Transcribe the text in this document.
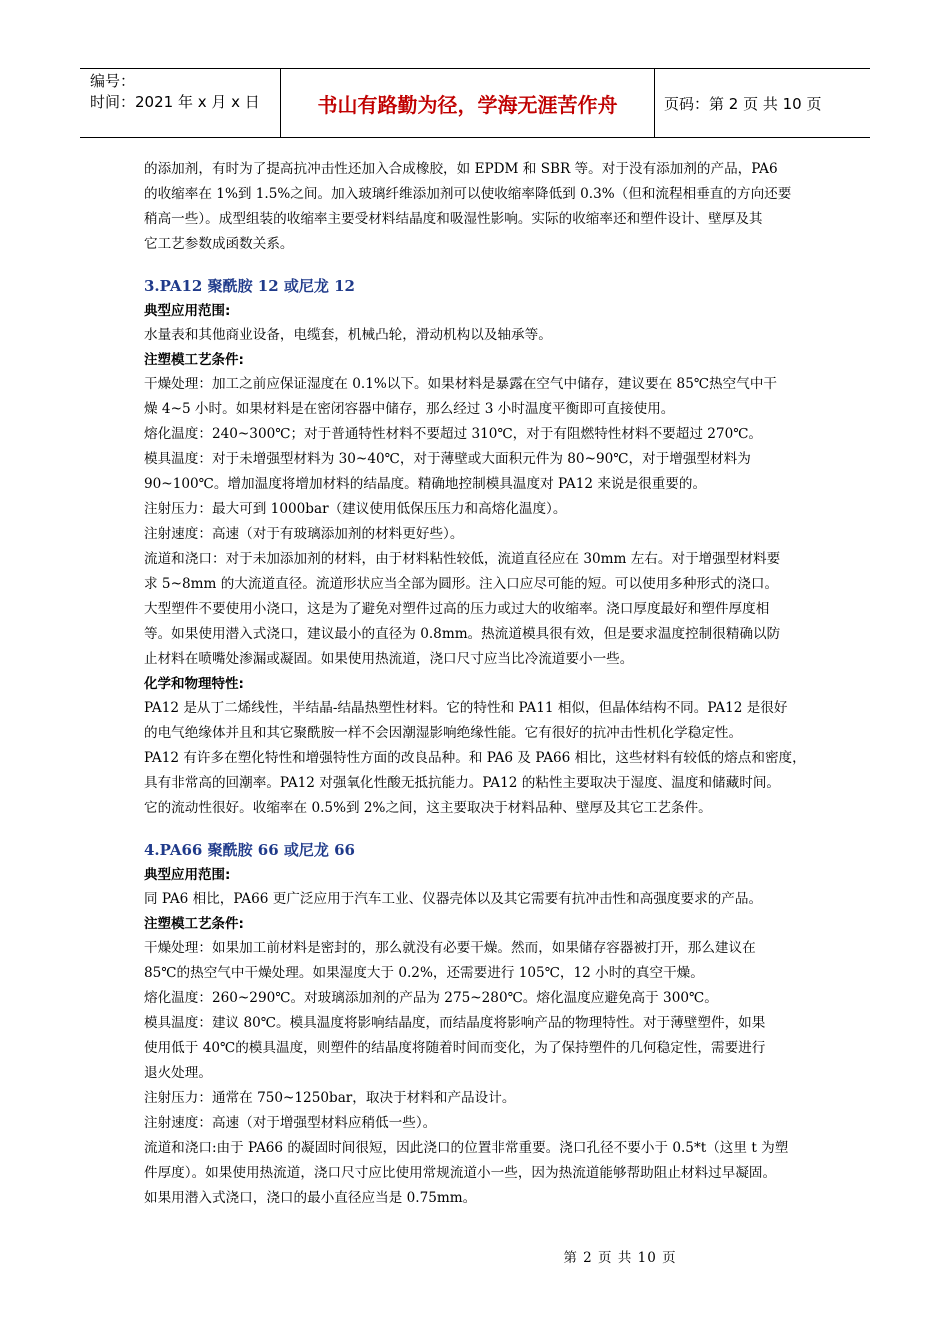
编号：
时间：2021 年 x 月 x 日	书山有路勤为径，学海无涯苦作舟	页码：第 2 页 共 10 页

的添加剂，有时为了提高抗冲击性还加入合成橡胶，如 EPDM 和 SBR 等。对于没有添加剂的产品，PA6

的收缩率在 1%到 1.5%之间。加入玻璃纤维添加剂可以使收缩率降低到 0.3%（但和流程相垂直的方向还要

稍高一些）。成型组装的收缩率主要受材料结晶度和吸湿性影响。实际的收缩率还和塑件设计、壁厚及其

它工艺参数成函数关系。

3.PA12 聚酰胺 12 或尼龙 12

典型应用范围:

水量表和其他商业设备，电缆套，机械凸轮，滑动机构以及轴承等。

注塑模工艺条件:

干燥处理：加工之前应保证湿度在 0.1%以下。如果材料是暴露在空气中储存，建议要在 85℃热空气中干

燥 4~5 小时。如果材料是在密闭容器中储存，那么经过 3 小时温度平衡即可直接使用。

熔化温度：240~300℃；对于普通特性材料不要超过 310℃，对于有阻燃特性材料不要超过 270℃。

模具温度：对于未增强型材料为 30~40℃，对于薄壁或大面积元件为 80~90℃，对于增强型材料为

90~100℃。增加温度将增加材料的结晶度。精确地控制模具温度对 PA12 来说是很重要的。

注射压力：最大可到 1000bar（建议使用低保压压力和高熔化温度）。

注射速度：高速（对于有玻璃添加剂的材料更好些）。

流道和浇口：对于未加添加剂的材料，由于材料粘性较低，流道直径应在 30mm 左右。对于增强型材料要

求 5~8mm 的大流道直径。流道形状应当全部为圆形。注入口应尽可能的短。可以使用多种形式的浇口。

大型塑件不要使用小浇口，这是为了避免对塑件过高的压力或过大的收缩率。浇口厚度最好和塑件厚度相

等。如果使用潜入式浇口，建议最小的直径为 0.8mm。热流道模具很有效，但是要求温度控制很精确以防

止材料在喷嘴处渗漏或凝固。如果使用热流道，浇口尺寸应当比冷流道要小一些。

化学和物理特性:

PA12 是从丁二烯线性，半结晶-结晶热塑性材料。它的特性和 PA11 相似，但晶体结构不同。PA12 是很好

的电气绝缘体并且和其它聚酰胺一样不会因潮湿影响绝缘性能。它有很好的抗冲击性机化学稳定性。

PA12 有许多在塑化特性和增强特性方面的改良品种。和 PA6 及 PA66 相比，这些材料有较低的熔点和密度，

具有非常高的回潮率。PA12 对强氧化性酸无抵抗能力。PA12 的粘性主要取决于湿度、温度和储藏时间。

它的流动性很好。收缩率在 0.5%到 2%之间，这主要取决于材料品种、壁厚及其它工艺条件。

4.PA66 聚酰胺 66 或尼龙 66

典型应用范围:

同 PA6 相比，PA66 更广泛应用于汽车工业、仪器壳体以及其它需要有抗冲击性和高强度要求的产品。

注塑模工艺条件:

干燥处理：如果加工前材料是密封的，那么就没有必要干燥。然而，如果储存容器被打开，那么建议在

85℃的热空气中干燥处理。如果湿度大于 0.2%，还需要进行 105℃，12 小时的真空干燥。

熔化温度：260~290℃。对玻璃添加剂的产品为 275~280℃。熔化温度应避免高于 300℃。

模具温度：建议 80℃。模具温度将影响结晶度，而结晶度将影响产品的物理特性。对于薄壁塑件，如果

使用低于 40℃的模具温度，则塑件的结晶度将随着时间而变化，为了保持塑件的几何稳定性，需要进行

退火处理。

注射压力：通常在 750~1250bar，取决于材料和产品设计。

注射速度：高速（对于增强型材料应稍低一些）。

流道和浇口:由于 PA66 的凝固时间很短，因此浇口的位置非常重要。浇口孔径不要小于 0.5*t（这里 t 为塑

件厚度）。如果使用热流道，浇口尺寸应比使用常规流道小一些，因为热流道能够帮助阻止材料过早凝固。

如果用潜入式浇口，浇口的最小直径应当是 0.75mm。

第 2 页 共 10 页
